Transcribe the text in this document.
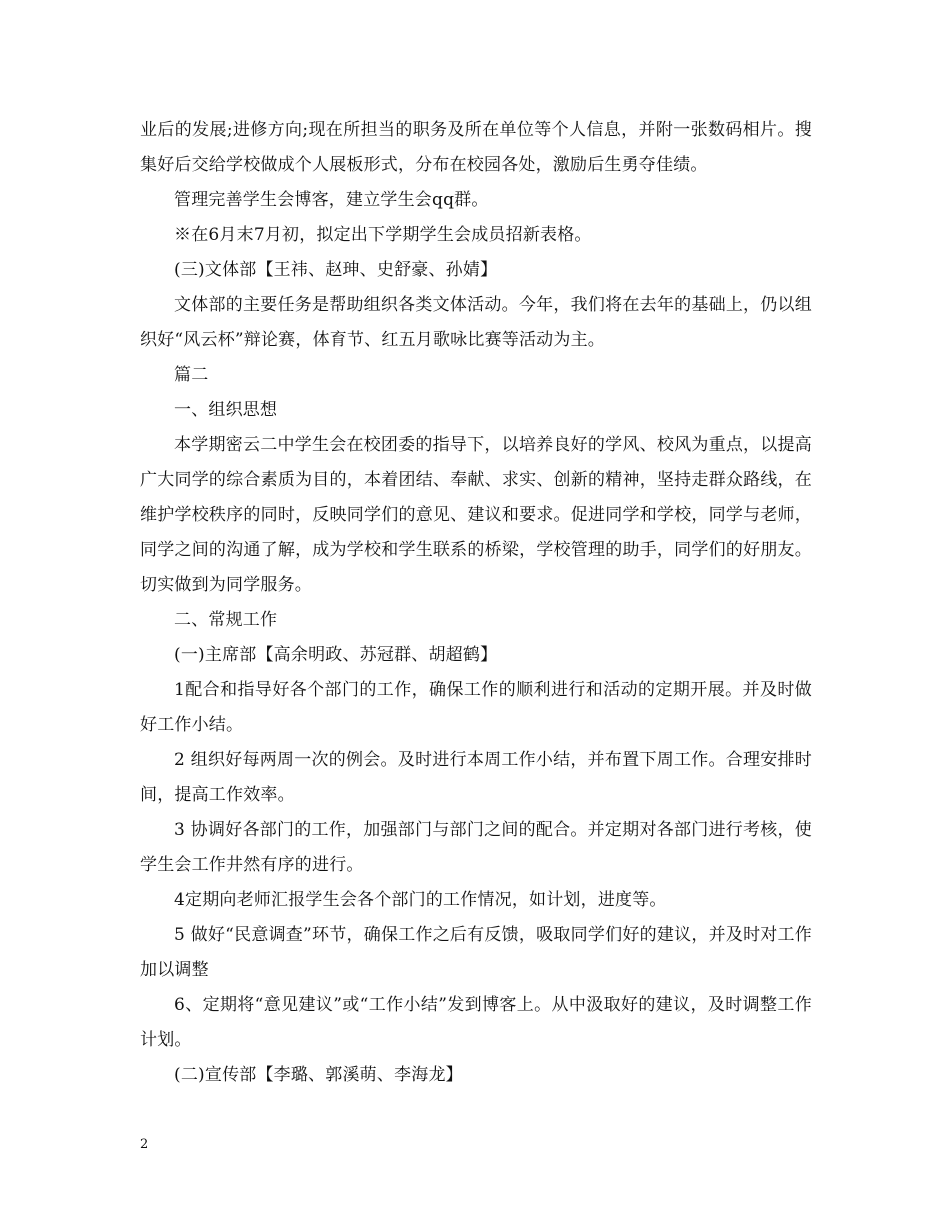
业后的发展;进修方向;现在所担当的职务及所在单位等个人信息，并附一张数码相片。搜集好后交给学校做成个人展板形式，分布在校园各处，激励后生勇夺佳绩。

管理完善学生会博客，建立学生会qq群。

※在6月末7月初，拟定出下学期学生会成员招新表格。

(三)文体部【王祎、赵珅、史舒豪、孙婧】

文体部的主要任务是帮助组织各类文体活动。今年，我们将在去年的基础上，仍以组织好“风云杯”辩论赛，体育节、红五月歌咏比赛等活动为主。

篇二

一、组织思想

本学期密云二中学生会在校团委的指导下，以培养良好的学风、校风为重点，以提高广大同学的综合素质为目的，本着团结、奉献、求实、创新的精神，坚持走群众路线，在维护学校秩序的同时，反映同学们的意见、建议和要求。促进同学和学校，同学与老师，同学之间的沟通了解，成为学校和学生联系的桥梁，学校管理的助手，同学们的好朋友。切实做到为同学服务。

二、常规工作

(一)主席部【高余明政、苏冠群、胡超鹤】

1配合和指导好各个部门的工作，确保工作的顺利进行和活动的定期开展。并及时做好工作小结。

2 组织好每两周一次的例会。及时进行本周工作小结，并布置下周工作。合理安排时间，提高工作效率。

3 协调好各部门的工作，加强部门与部门之间的配合。并定期对各部门进行考核，使学生会工作井然有序的进行。

4定期向老师汇报学生会各个部门的工作情况，如计划，进度等。

5 做好“民意调查”环节，确保工作之后有反馈，吸取同学们好的建议，并及时对工作加以调整

6、定期将“意见建议”或“工作小结”发到博客上。从中汲取好的建议，及时调整工作计划。

(二)宣传部【李璐、郭溪萌、李海龙】

2
